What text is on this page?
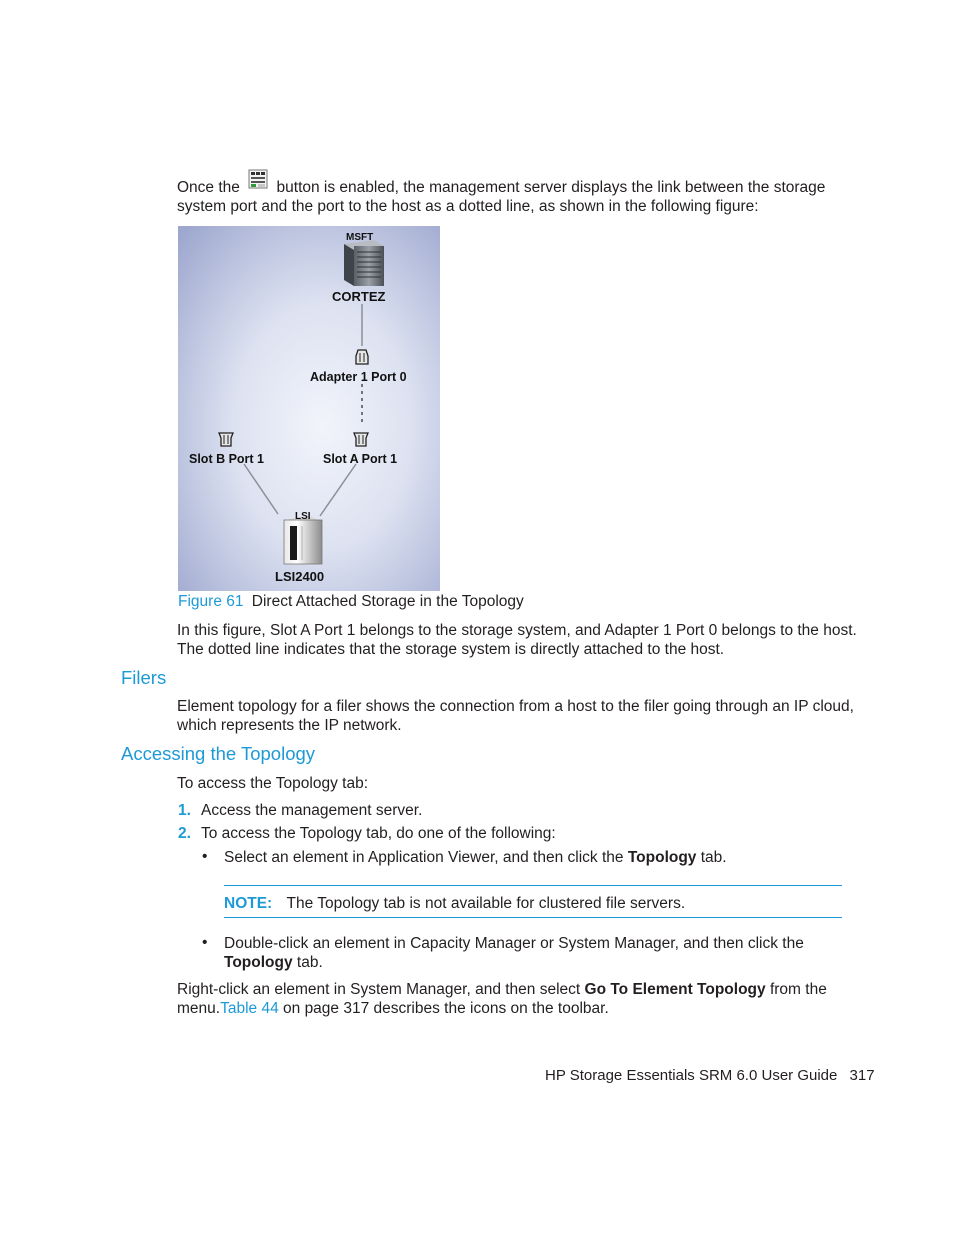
Once the button is enabled, the management server displays the link between the storage
system port and the port to the host as a dotted line, as shown in the following figure:

MSFT
CORTEZ
Adapter 1 Port 0
Slot B Port 1	Slot A Port 1
LSI
LSI2400
Figure 61 Direct Attached Storage in the Topology

In this figure, Slot A Port 1 belongs to the storage system, and Adapter 1 Port 0 belongs to the host.
The dotted line indicates that the storage system is directly attached to the host.

Filers

Element topology for a filer shows the connection from a host to the filer going through an IP cloud,
which represents the IP network.

Accessing the Topology

To access the Topology tab:

1. Access the management server.
2. To access the Topology tab, do one of the following:
• Select an element in Application Viewer, and then click the Topology tab.
NOTE: The Topology tab is not available for clustered file servers.
• Double-click an element in Capacity Manager or System Manager, and then click the
Topology tab.

Right-click an element in System Manager, and then select Go To Element Topology from the
menu.Table 44 on page 317 describes the icons on the toolbar.

HP Storage Essentials SRM 6.0 User Guide 317
